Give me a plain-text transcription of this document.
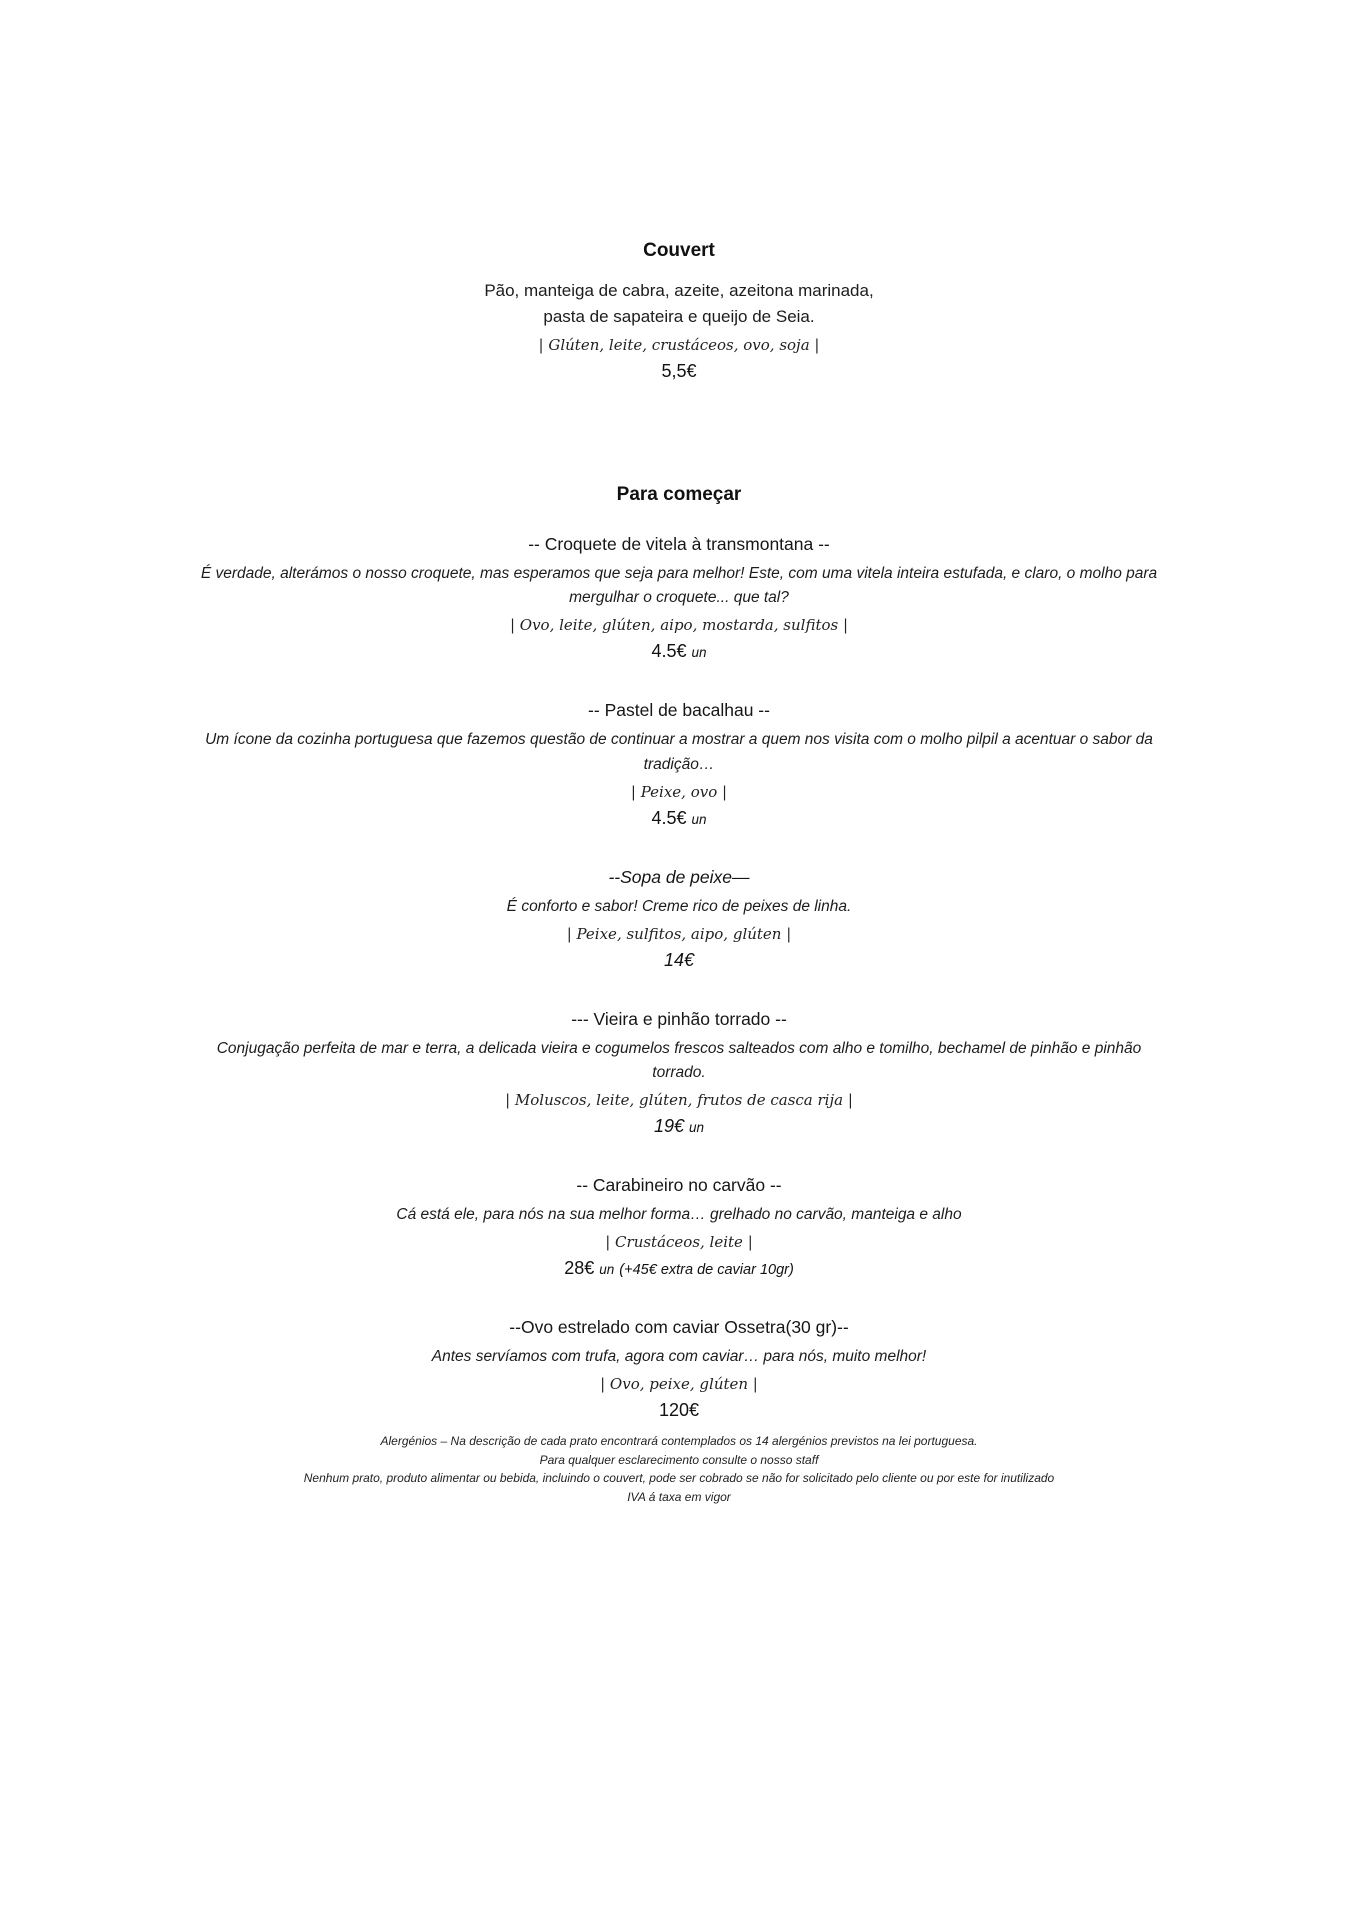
Couvert
Pão, manteiga de cabra, azeite, azeitona marinada,
pasta de sapateira e queijo de Seia.
| Glúten, leite, crustáceos, ovo, soja |
5,5€
Para começar
-- Croquete de vitela à transmontana --
É verdade, alterámos o nosso croquete, mas esperamos que seja para melhor! Este, com uma vitela inteira estufada, e claro, o molho para mergulhar o croquete... que tal?
| Ovo, leite, glúten, aipo, mostarda, sulfitos |
4.5€ un
-- Pastel de bacalhau --
Um ícone da cozinha portuguesa que fazemos questão de continuar a mostrar a quem nos visita com o molho pilpil a acentuar o sabor da tradição…
| Peixe, ovo |
4.5€ un
--Sopa de peixe—
É conforto e sabor! Creme rico de peixes de linha.
| Peixe, sulfitos, aipo, glúten |
14€
--- Vieira e pinhão torrado --
Conjugação perfeita de mar e terra, a delicada vieira e cogumelos frescos salteados com alho e tomilho, bechamel de pinhão e pinhão torrado.
| Moluscos, leite, glúten, frutos de casca rija |
19€ un
-- Carabineiro no carvão --
Cá está ele, para nós na sua melhor forma… grelhado no carvão, manteiga e alho
| Crustáceos, leite |
28€ un (+45€ extra de caviar 10gr)
--Ovo estrelado com caviar Ossetra(30 gr)--
Antes servíamos com trufa, agora com caviar… para nós, muito melhor!
| Ovo, peixe, glúten |
120€
Alergénios – Na descrição de cada prato encontrará contemplados os 14 alergénios previstos na lei portuguesa.
Para qualquer esclarecimento consulte o nosso staff
Nenhum prato, produto alimentar ou bebida, incluindo o couvert, pode ser cobrado se não for solicitado pelo cliente ou por este for inutilizado
IVA á taxa em vigor
